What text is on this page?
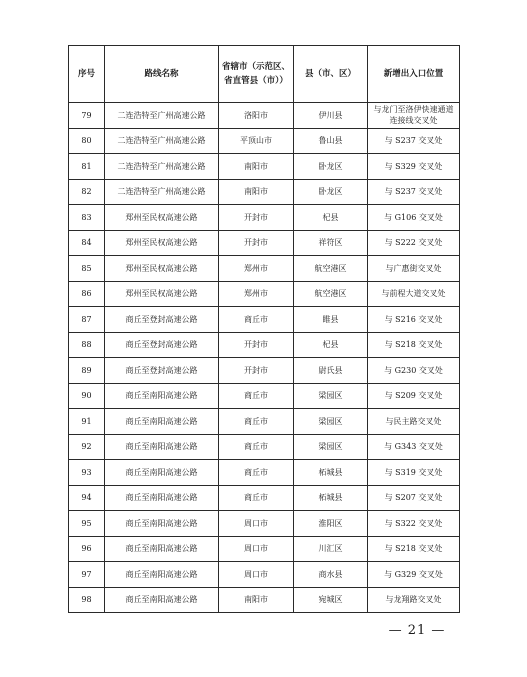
序号	路线名称	省辖市（示范区、省直管县（市））	县（市、区）	新增出入口位置
79	二连浩特至广州高速公路	洛阳市	伊川县	与龙门至洛伊快速通道连接线交叉处
80	二连浩特至广州高速公路	平顶山市	鲁山县	与 S237 交叉处
81	二连浩特至广州高速公路	南阳市	卧龙区	与 S329 交叉处
82	二连浩特至广州高速公路	南阳市	卧龙区	与 S237 交叉处
83	郑州至民权高速公路	开封市	杞县	与 G106 交叉处
84	郑州至民权高速公路	开封市	祥符区	与 S222 交叉处
85	郑州至民权高速公路	郑州市	航空港区	与广惠街交叉处
86	郑州至民权高速公路	郑州市	航空港区	与前程大道交叉处
87	商丘至登封高速公路	商丘市	睢县	与 S216 交叉处
88	商丘至登封高速公路	开封市	杞县	与 S218 交叉处
89	商丘至登封高速公路	开封市	尉氏县	与 G230 交叉处
90	商丘至南阳高速公路	商丘市	梁园区	与 S209 交叉处
91	商丘至南阳高速公路	商丘市	梁园区	与民主路交叉处
92	商丘至南阳高速公路	商丘市	梁园区	与 G343 交叉处
93	商丘至南阳高速公路	商丘市	柘城县	与 S319 交叉处
94	商丘至南阳高速公路	商丘市	柘城县	与 S207 交叉处
95	商丘至南阳高速公路	周口市	淮阳区	与 S322 交叉处
96	商丘至南阳高速公路	周口市	川汇区	与 S218 交叉处
97	商丘至南阳高速公路	周口市	商水县	与 G329 交叉处
98	商丘至南阳高速公路	南阳市	宛城区	与龙翔路交叉处
— 21 —
